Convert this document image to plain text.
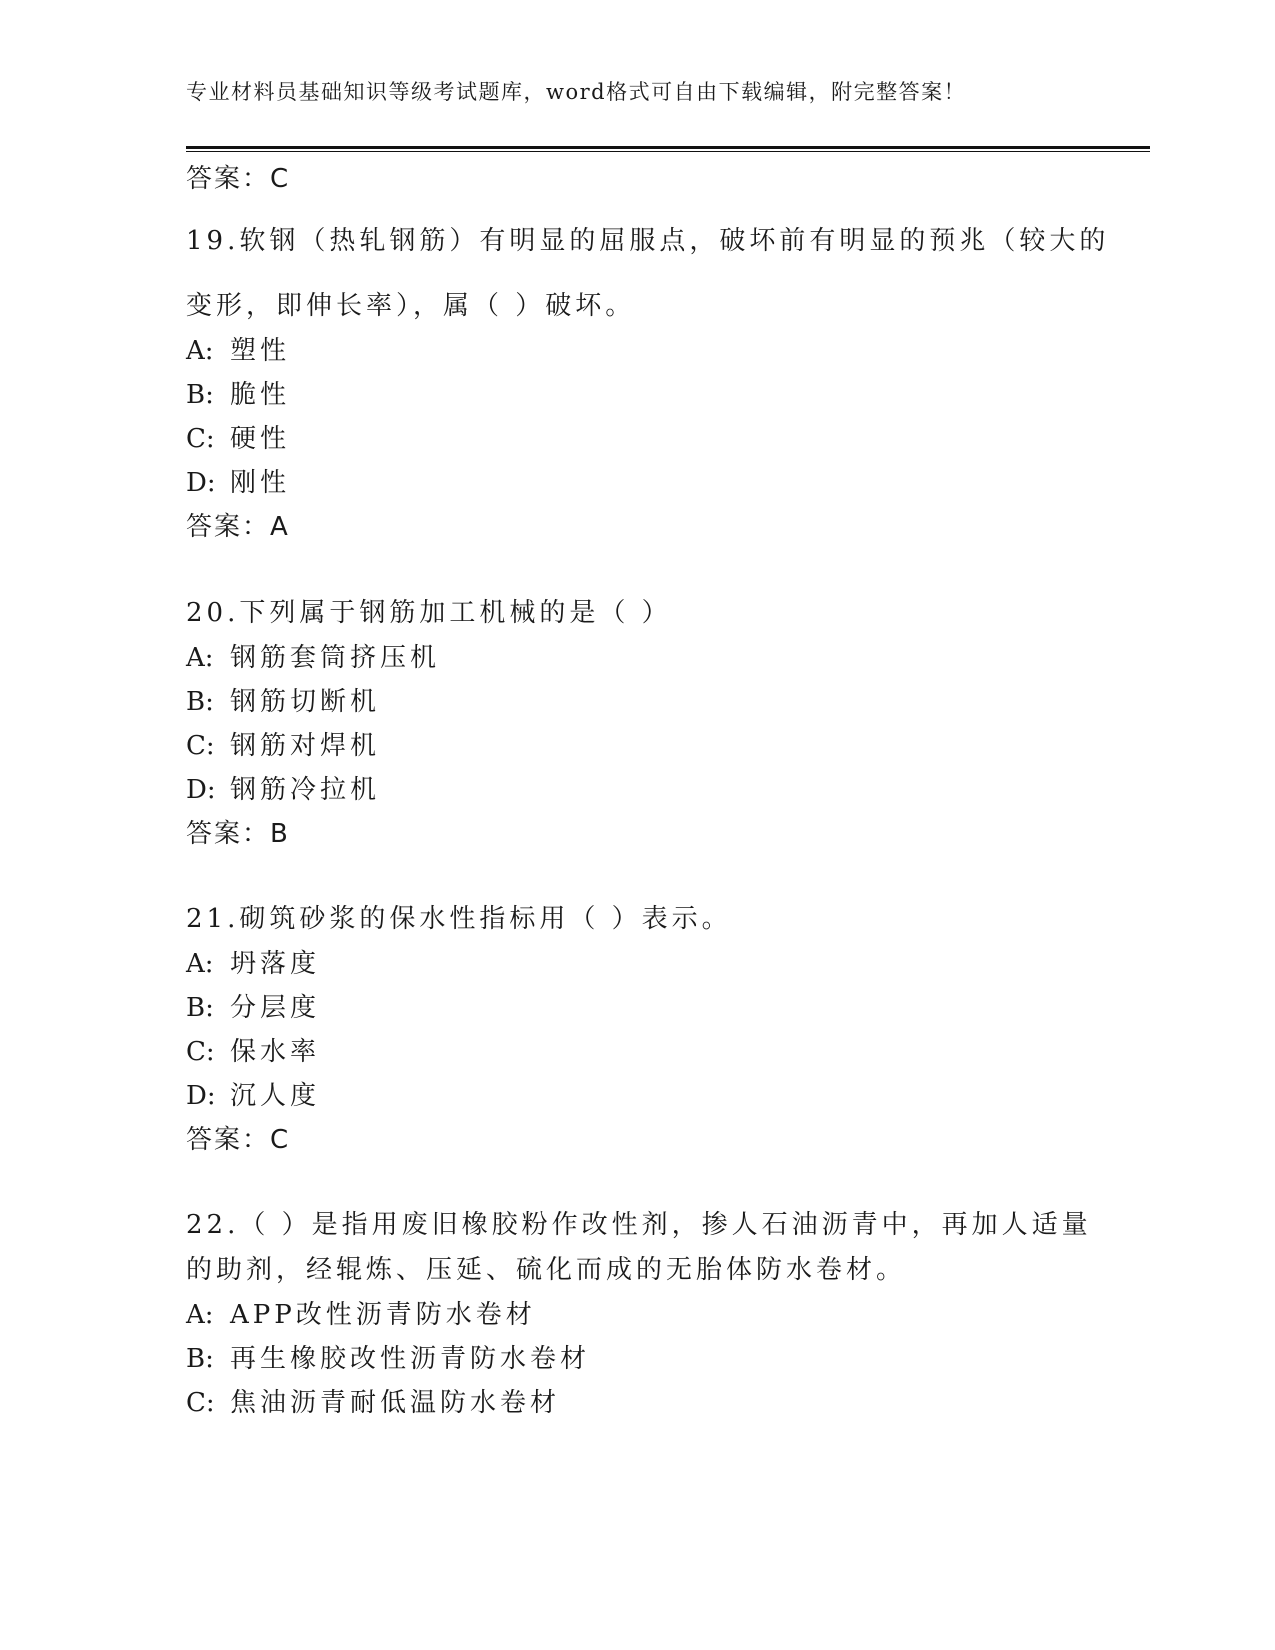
专业材料员基础知识等级考试题库，word格式可自由下载编辑，附完整答案！
答案：C
19.软钢（热轧钢筋）有明显的屈服点，破坏前有明显的预兆（较大的
变形，即伸长率），属（ ）破坏。
A: 塑性
B: 脆性
C: 硬性
D: 刚性
答案：A
20.下列属于钢筋加工机械的是（ ）
A: 钢筋套筒挤压机
B: 钢筋切断机
C: 钢筋对焊机
D: 钢筋冷拉机
答案：B
21.砌筑砂浆的保水性指标用（ ）表示。
A: 坍落度
B: 分层度
C: 保水率
D: 沉人度
答案：C
22.（ ）是指用废旧橡胶粉作改性剂，掺人石油沥青中，再加人适量
的助剂，经辊炼、压延、硫化而成的无胎体防水卷材。
A: APP改性沥青防水卷材
B: 再生橡胶改性沥青防水卷材
C: 焦油沥青耐低温防水卷材
